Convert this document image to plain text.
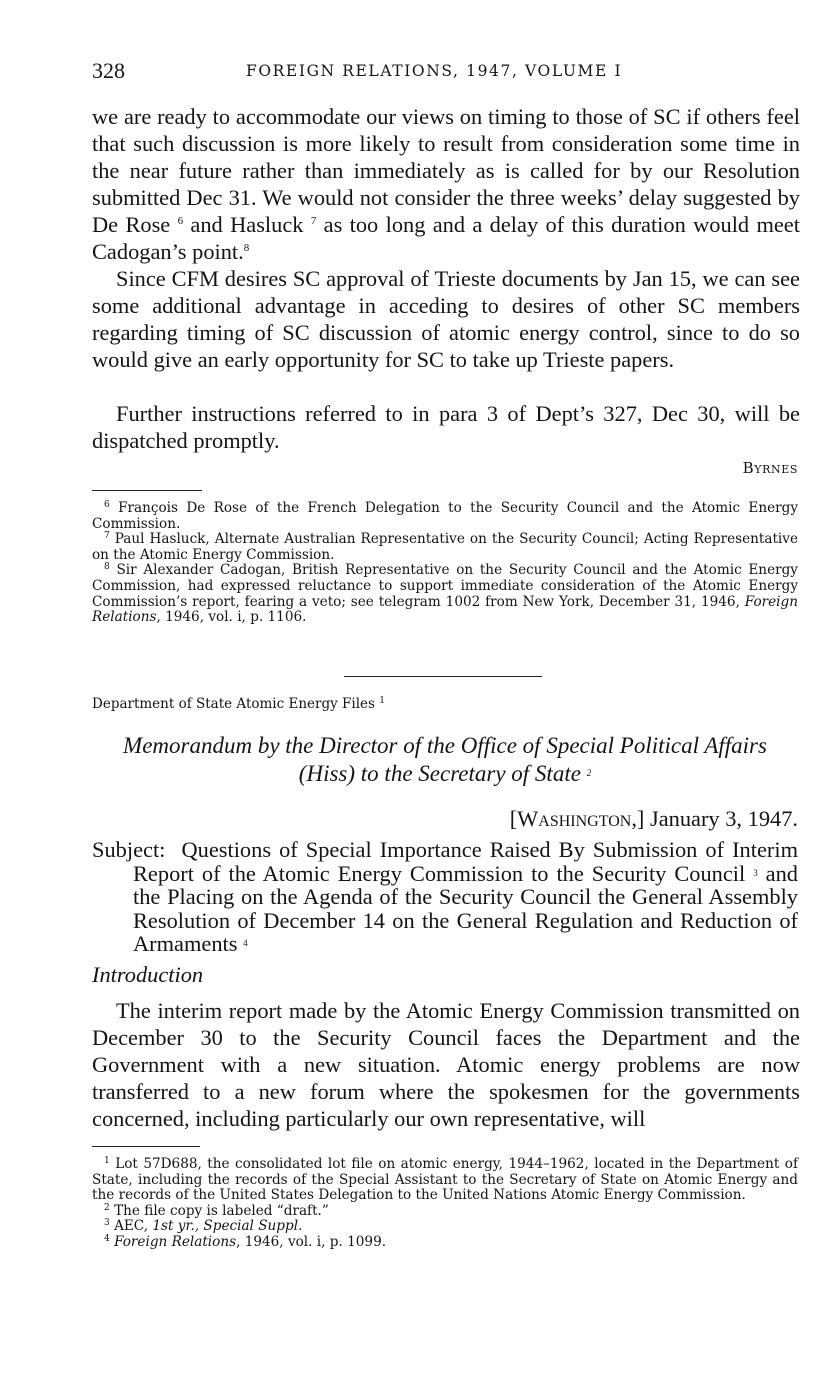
328	FOREIGN RELATIONS, 1947, VOLUME I

we are ready to accommodate our views on timing to those of SC if others feel that such discussion is more likely to result from consideration some time in the near future rather than immediately as is called for by our Resolution submitted Dec 31. We would not consider the three weeks’ delay suggested by De Rose $^6$ and Hasluck $^7$ as too long and a delay of this duration would meet Cadogan’s point.$^8$

Since CFM desires SC approval of Trieste documents by Jan 15, we can see some additional advantage in acceding to desires of other SC members regarding timing of SC discussion of atomic energy control, since to do so would give an early opportunity for SC to take up Trieste papers.

Further instructions referred to in para 3 of Dept’s 327, Dec 30, will be dispatched promptly.

Byrnes

$^6$ François De Rose of the French Delegation to the Security Council and the Atomic Energy Commission.

$^7$ Paul Hasluck, Alternate Australian Representative on the Security Council; Acting Representative on the Atomic Energy Commission.

$^8$ Sir Alexander Cadogan, British Representative on the Security Council and the Atomic Energy Commission, had expressed reluctance to support immediate consideration of the Atomic Energy Commission’s report, fearing a veto; see telegram 1002 from New York, December 31, 1946, Foreign Relations, 1946, vol. i, p. 1106.

Department of State Atomic Energy Files $^1$

Memorandum by the Director of the Office of Special Political Affairs
(Hiss) to the Secretary of State $^2$

[Washington,] January 3, 1947.
Subject: Questions of Special Importance Raised By Submission of Interim Report of the Atomic Energy Commission to the Security Council $^3$ and the Placing on the Agenda of the Security Council the General Assembly Resolution of December 14 on the General Regulation and Reduction of Armaments $^4$
Introduction

The interim report made by the Atomic Energy Commission transmitted on December 30 to the Security Council faces the Department and the Government with a new situation. Atomic energy problems are now transferred to a new forum where the spokesmen for the governments concerned, including particularly our own representative, will

$^1$ Lot 57D688, the consolidated lot file on atomic energy, 1944–1962, located in the Department of State, including the records of the Special Assistant to the Secretary of State on Atomic Energy and the records of the United States Delegation to the United Nations Atomic Energy Commission.

$^2$ The file copy is labeled “draft.”

$^3$ AEC, 1st yr., Special Suppl.

$^4$ Foreign Relations, 1946, vol. i, p. 1099.
